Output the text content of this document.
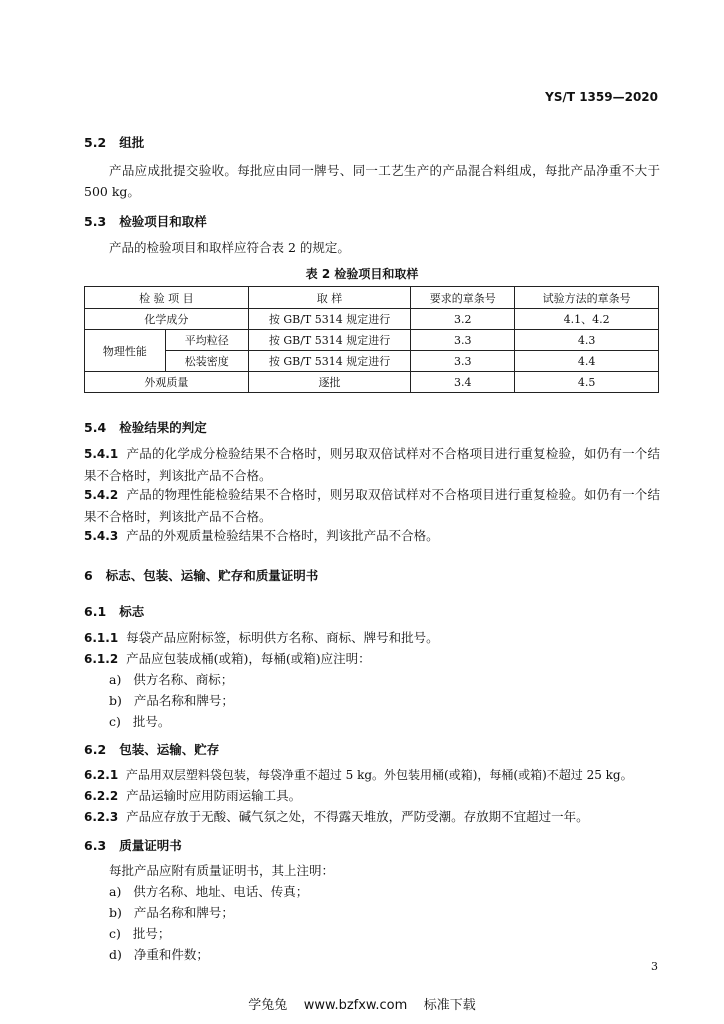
YS/T 1359—2020
5.2 组批
产品应成批提交验收。每批应由同一牌号、同一工艺生产的产品混合料组成，每批产品净重不大于 500 kg。
5.3 检验项目和取样
产品的检验项目和取样应符合表 2 的规定。
表 2 检验项目和取样
检 验 项 目		取 样	要求的章条号	试验方法的章条号
化学成分		按 GB/T 5314 规定进行	3.2	4.1、4.2
物理性能	平均粒径	按 GB/T 5314 规定进行	3.3	4.3
	松装密度	按 GB/T 5314 规定进行	3.3	4.4
外观质量		逐批	3.4	4.5
5.4 检验结果的判定
5.4.1 产品的化学成分检验结果不合格时，则另取双倍试样对不合格项目进行重复检验，如仍有一个结果不合格时，判该批产品不合格。
5.4.2 产品的物理性能检验结果不合格时，则另取双倍试样对不合格项目进行重复检验。如仍有一个结果不合格时，判该批产品不合格。
5.4.3 产品的外观质量检验结果不合格时，判该批产品不合格。
6 标志、包装、运输、贮存和质量证明书
6.1 标志
6.1.1 每袋产品应附标签，标明供方名称、商标、牌号和批号。
6.1.2 产品应包装成桶(或箱)，每桶(或箱)应注明：
a) 供方名称、商标；
b) 产品名称和牌号；
c) 批号。
6.2 包装、运输、贮存
6.2.1 产品用双层塑料袋包装，每袋净重不超过 5 kg。外包装用桶(或箱)，每桶(或箱)不超过 25 kg。
6.2.2 产品运输时应用防雨运输工具。
6.2.3 产品应存放于无酸、碱气氛之处，不得露天堆放，严防受潮。存放期不宜超过一年。
6.3 质量证明书
每批产品应附有质量证明书，其上注明：
a) 供方名称、地址、电话、传真；
b) 产品名称和牌号；
c) 批号；
d) 净重和件数；
3
学兔兔 www.bzfxw.com 标准下载
